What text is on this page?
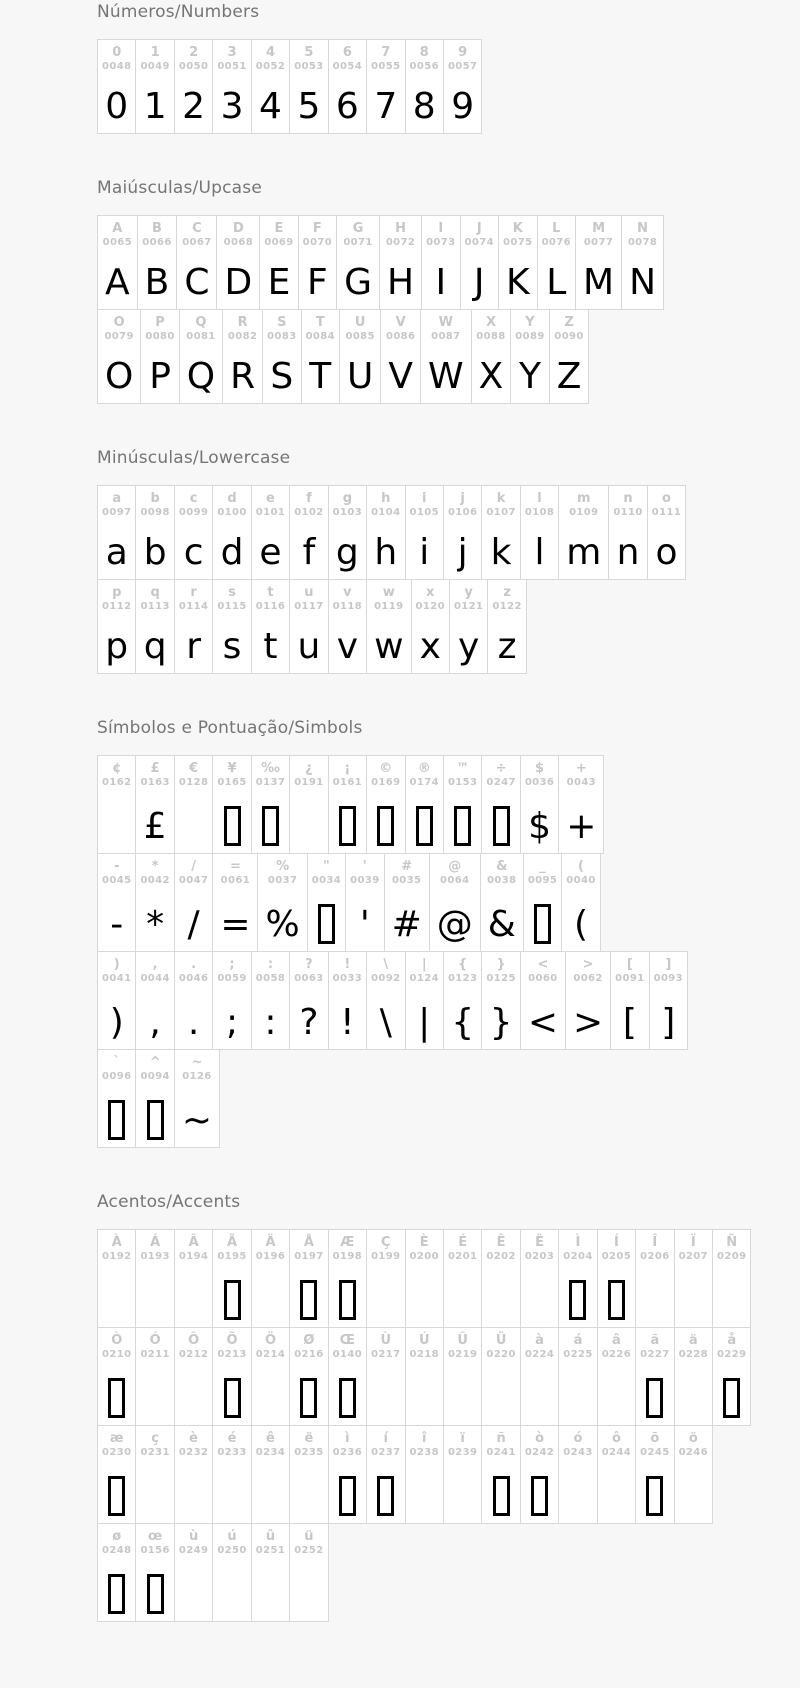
Números/Numbers
0
0048
0
1
0049
1
2
0050
2
3
0051
3
4
0052
4
5
0053
5
6
0054
6
7
0055
7
8
0056
8
9
0057
9
Maiúsculas/Upcase
A
0065
A
B
0066
B
C
0067
C
D
0068
D
E
0069
E
F
0070
F
G
0071
G
H
0072
H
I
0073
I
J
0074
J
K
0075
K
L
0076
L
M
0077
M
N
0078
N
O
0079
O
P
0080
P
Q
0081
Q
R
0082
R
S
0083
S
T
0084
T
U
0085
U
V
0086
V
W
0087
W
X
0088
X
Y
0089
Y
Z
0090
Z
Minúsculas/Lowercase
a
0097
a
b
0098
b
c
0099
c
d
0100
d
e
0101
e
f
0102
f
g
0103
g
h
0104
h
i
0105
i
j
0106
j
k
0107
k
l
0108
l
m
0109
m
n
0110
n
o
0111
o
p
0112
p
q
0113
q
r
0114
r
s
0115
s
t
0116
t
u
0117
u
v
0118
v
w
0119
w
x
0120
x
y
0121
y
z
0122
z
Símbolos e Pontuação/Simbols
¢
0162
£
0163
£
€
0128
¥
0165
‰
0137
¿
0191
¡
0161
©
0169
®
0174
™
0153
÷
0247
$
0036
$
+
0043
+
-
0045
-
*
0042
*
/
0047
/
=
0061
=
%
0037
%
"
0034
'
0039
'
#
0035
#
@
0064
@
&
0038
&
_
0095
(
0040
(
)
0041
)
,
0044
,
.
0046
.
;
0059
;
:
0058
:
?
0063
?
!
0033
!
\
0092
\
|
0124
|
{
0123
{
}
0125
}
<
0060
<
>
0062
>
[
0091
[
]
0093
]
`
0096
^
0094
~
0126
~
Acentos/Accents
À
0192
Á
0193
Â
0194
Ã
0195
Ä
0196
Å
0197
Æ
0198
Ç
0199
È
0200
É
0201
Ê
0202
Ë
0203
Ì
0204
Í
0205
Î
0206
Ï
0207
Ñ
0209
Ò
0210
Ó
0211
Ô
0212
Õ
0213
Ö
0214
Ø
0216
Œ
0140
Ù
0217
Ú
0218
Û
0219
Ü
0220
à
0224
á
0225
â
0226
ã
0227
ä
0228
å
0229
æ
0230
ç
0231
è
0232
é
0233
ê
0234
ë
0235
ì
0236
í
0237
î
0238
ï
0239
ñ
0241
ò
0242
ó
0243
ô
0244
õ
0245
ö
0246
ø
0248
œ
0156
ù
0249
ú
0250
û
0251
ü
0252
